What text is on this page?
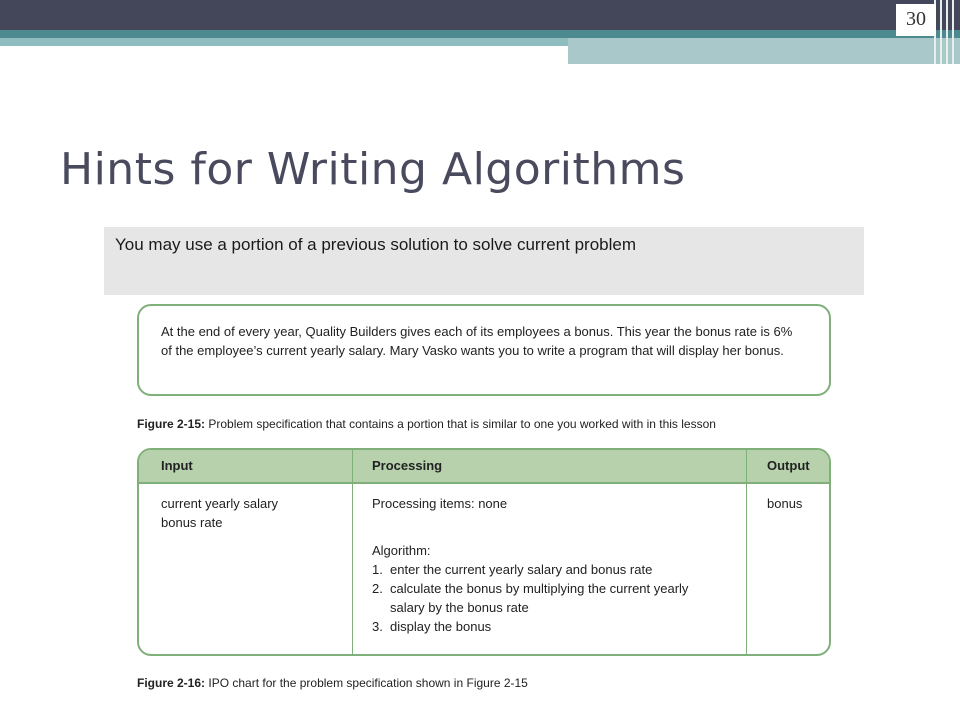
30
Hints for Writing Algorithms
You may use a portion of a previous solution to solve current problem
At the end of every year, Quality Builders gives each of its employees a bonus. This year the bonus rate is 6% of the employee’s current yearly salary. Mary Vasko wants you to write a program that will display her bonus.
Figure 2-15: Problem specification that contains a portion that is similar to one you worked with in this lesson
Input	Processing	Output
current yearly salary
bonus rate
Processing items: none
Algorithm:
1. enter the current yearly salary and bonus rate
2. calculate the bonus by multiplying the current yearly salary by the bonus rate
3. display the bonus
bonus
Figure 2-16: IPO chart for the problem specification shown in Figure 2-15
